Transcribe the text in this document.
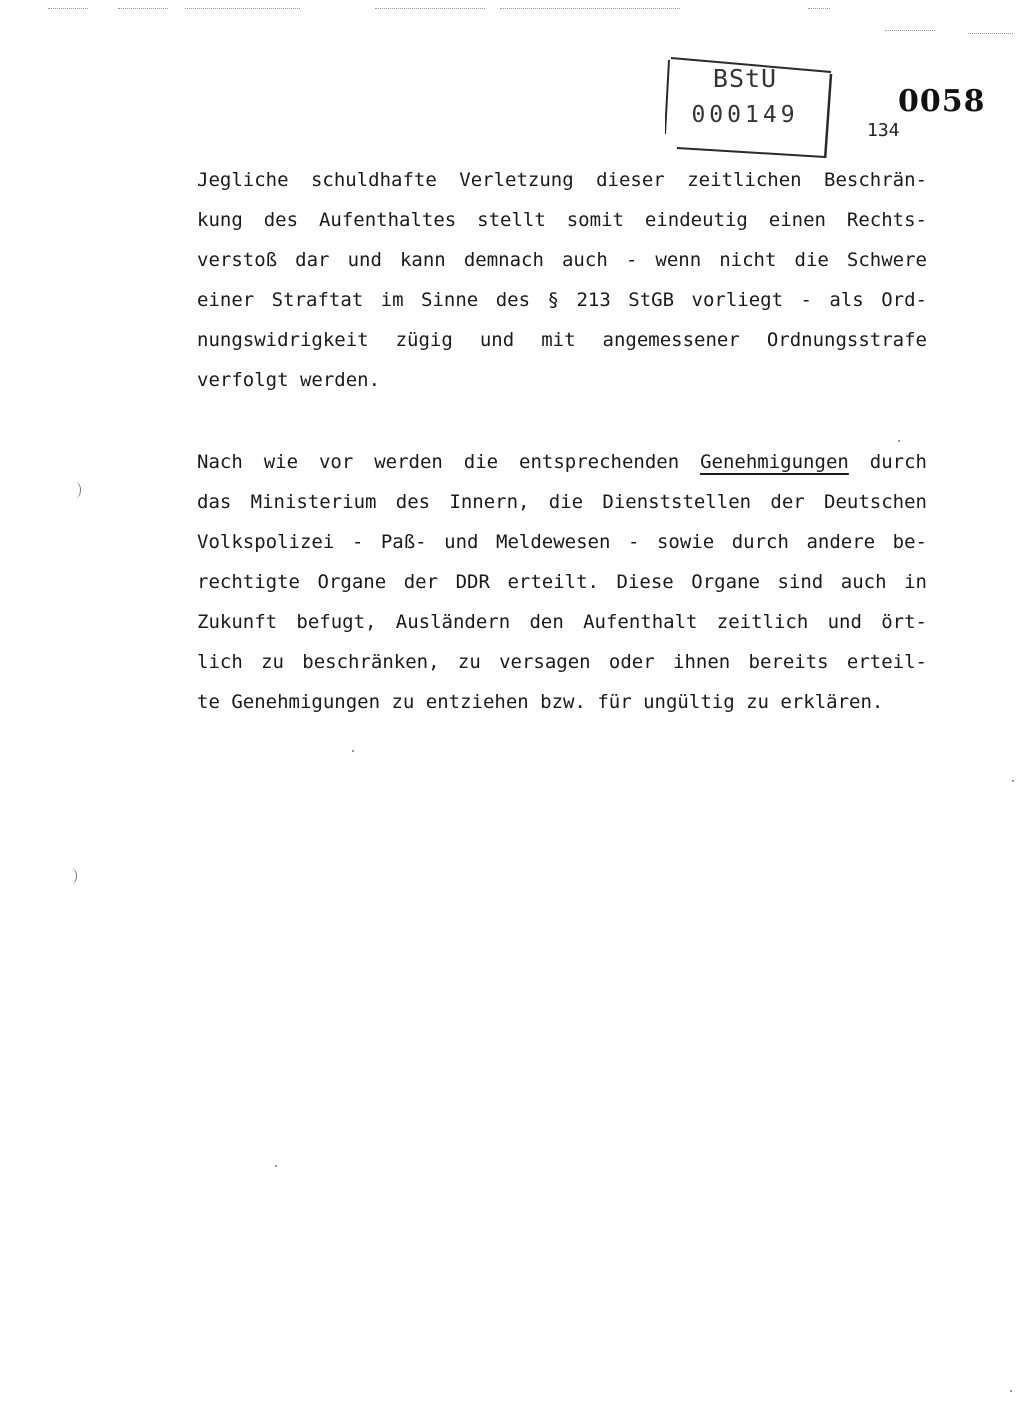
BStU
000149	0058
134
Jegliche schuldhafte Verletzung dieser zeitlichen Beschrän-
kung des Aufenthaltes stellt somit eindeutig einen Rechts-
verstoß dar und kann demnach auch - wenn nicht die Schwere
einer Straftat im Sinne des § 213 StGB vorliegt - als Ord-
nungswidrigkeit zügig und mit angemessener Ordnungsstrafe
verfolgt werden.
Nach wie vor werden die entsprechenden Genehmigungen durch
das Ministerium des Innern, die Dienststellen der Deutschen
Volkspolizei - Paß- und Meldewesen - sowie durch andere be-
rechtigte Organe der DDR erteilt. Diese Organe sind auch in
Zukunft befugt, Ausländern den Aufenthalt zeitlich und ört-
lich zu beschränken, zu versagen oder ihnen bereits erteil-
te Genehmigungen zu entziehen bzw. für ungültig zu erklären.
